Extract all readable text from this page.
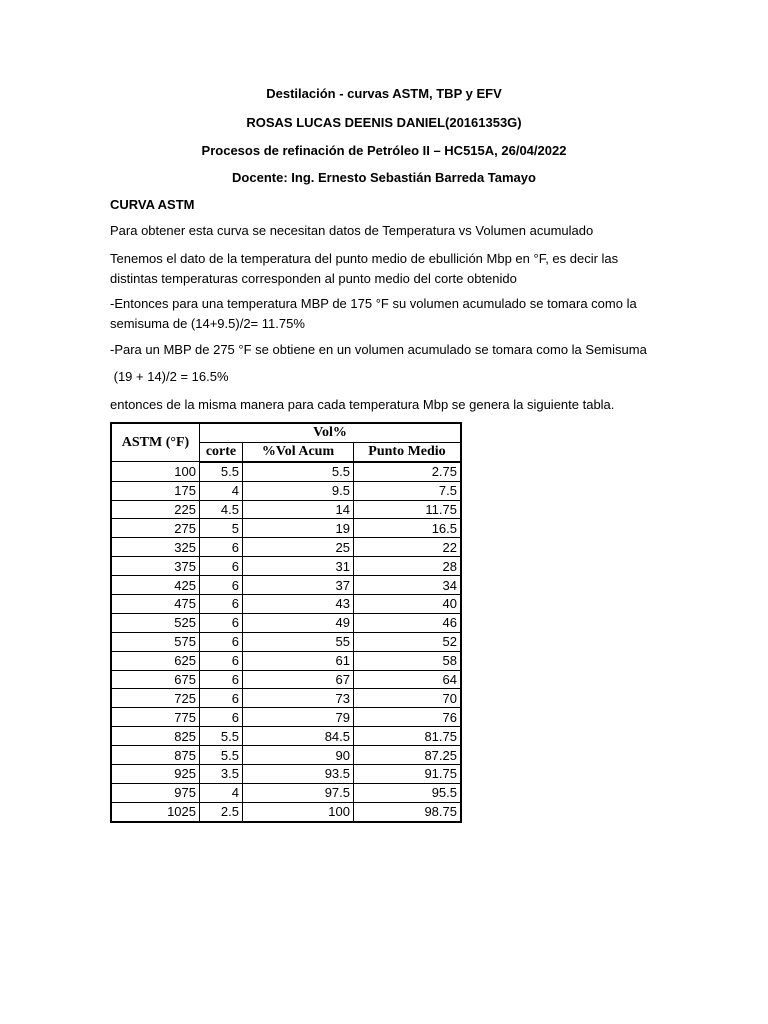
Destilación - curvas ASTM, TBP y EFV
ROSAS LUCAS DEENIS DANIEL(20161353G)
Procesos de refinación de Petróleo II – HC515A, 26/04/2022
Docente: Ing. Ernesto Sebastián Barreda Tamayo
CURVA ASTM
Para obtener esta curva se necesitan datos de Temperatura vs Volumen acumulado
Tenemos el dato de la temperatura del punto medio de ebullición Mbp en °F, es decir las
distintas temperaturas corresponden al punto medio del corte obtenido
-Entonces para una temperatura MBP de 175 °F su volumen acumulado se tomara como la
semisuma de (14+9.5)/2= 11.75%
-Para un MBP de 275 °F se obtiene en un volumen acumulado se tomara como la Semisuma
(19 + 14)/2 = 16.5%
entonces de la misma manera para cada temperatura Mbp se genera la siguiente tabla.
ASTM (°F)	Vol%		
	corte	%Vol Acum	Punto Medio
100	5.5	5.5	2.75
175	4	9.5	7.5
225	4.5	14	11.75
275	5	19	16.5
325	6	25	22
375	6	31	28
425	6	37	34
475	6	43	40
525	6	49	46
575	6	55	52
625	6	61	58
675	6	67	64
725	6	73	70
775	6	79	76
825	5.5	84.5	81.75
875	5.5	90	87.25
925	3.5	93.5	91.75
975	4	97.5	95.5
1025	2.5	100	98.75
